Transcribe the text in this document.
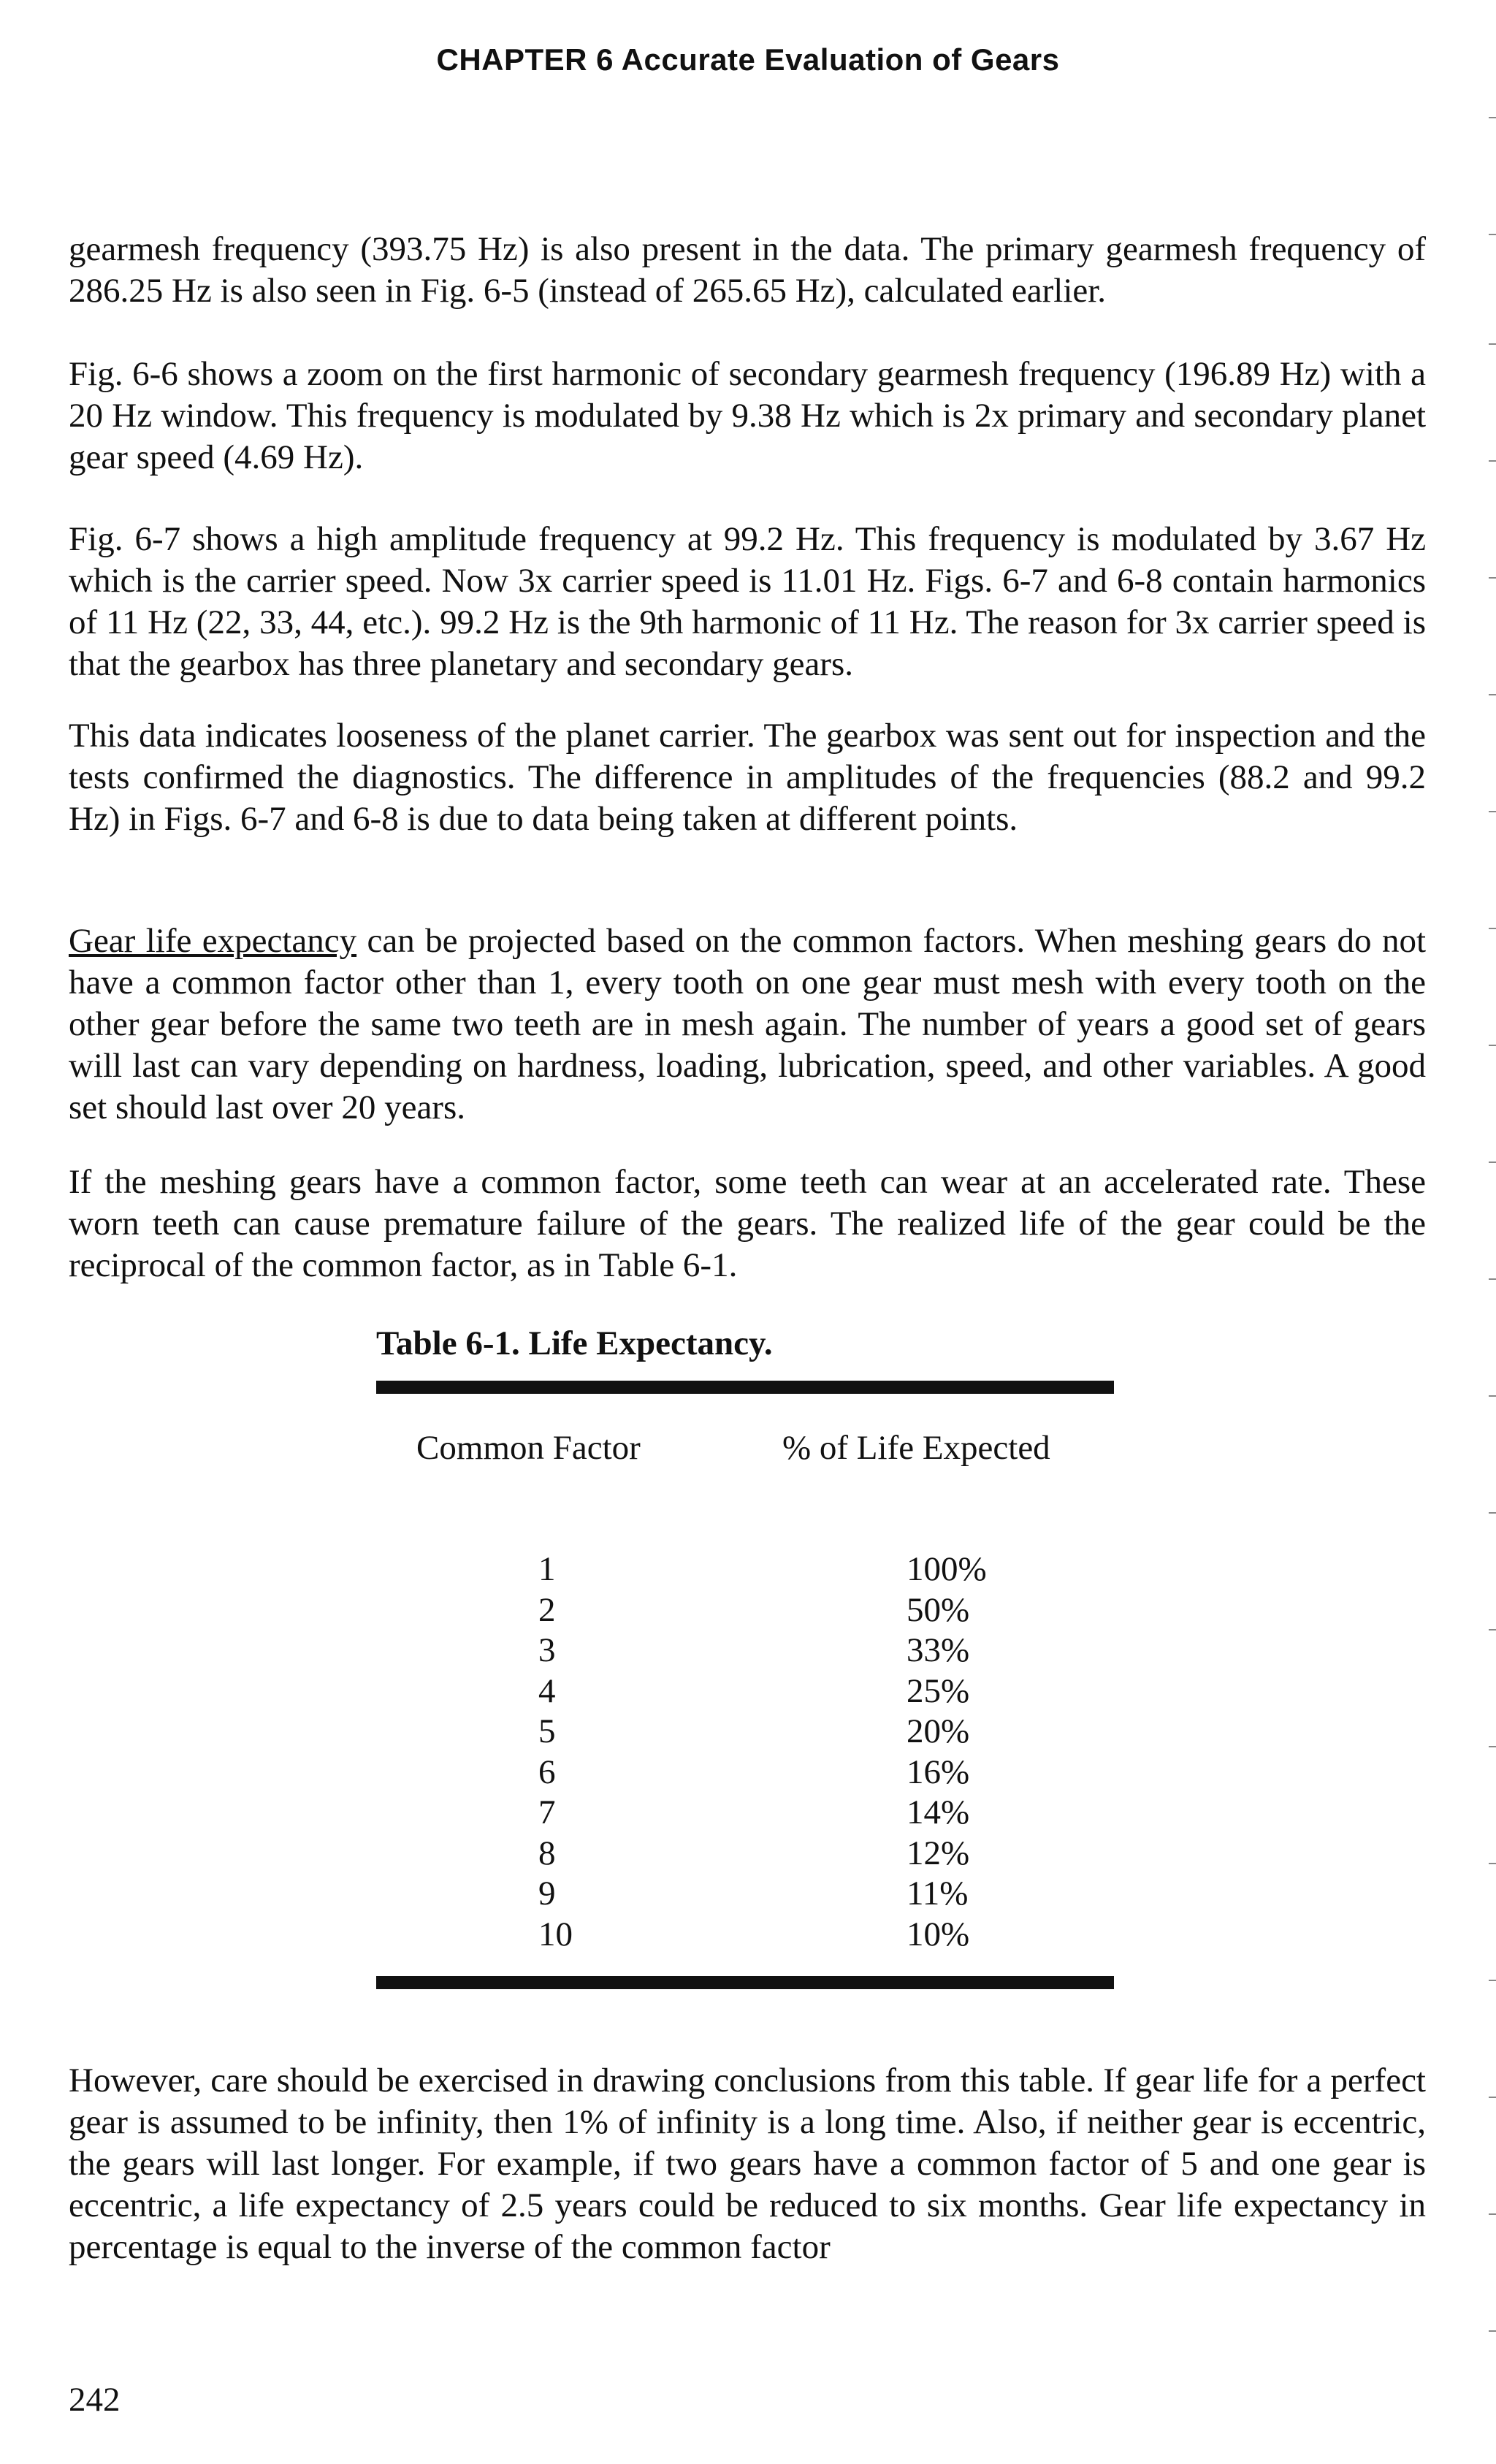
CHAPTER 6 Accurate Evaluation of Gears

gearmesh frequency (393.75 Hz) is also present in the data. The primary gearmesh frequency of 286.25 Hz is also seen in Fig. 6-5 (instead of 265.65 Hz), calculated earlier.

Fig. 6-6 shows a zoom on the first harmonic of secondary gearmesh frequency (196.89 Hz) with a 20 Hz window. This frequency is modulated by 9.38 Hz which is 2x primary and secondary planet gear speed (4.69 Hz).

Fig. 6-7 shows a high amplitude frequency at 99.2 Hz. This frequency is modulated by 3.67 Hz which is the carrier speed. Now 3x carrier speed is 11.01 Hz. Figs. 6-7 and 6-8 contain harmonics of 11 Hz (22, 33, 44, etc.). 99.2 Hz is the 9th harmonic of 11 Hz. The reason for 3x carrier speed is that the gearbox has three planetary and secondary gears.

This data indicates looseness of the planet carrier. The gearbox was sent out for inspection and the tests confirmed the diagnostics. The difference in amplitudes of the frequencies (88.2 and 99.2 Hz) in Figs. 6-7 and 6-8 is due to data being taken at different points.

Gear life expectancy can be projected based on the common factors. When meshing gears do not have a common factor other than 1, every tooth on one gear must mesh with every tooth on the other gear before the same two teeth are in mesh again. The number of years a good set of gears will last can vary depending on hardness, loading, lubrication, speed, and other variables. A good set should last over 20 years.

If the meshing gears have a common factor, some teeth can wear at an accelerated rate. These worn teeth can cause premature failure of the gears. The realized life of the gear could be the reciprocal of the common factor, as in Table 6-1.

Table 6-1. Life Expectancy.
Common Factor	% of Life Expected
1	100%
2	50%
3	33%
4	25%
5	20%
6	16%
7	14%
8	12%
9	11%
10	10%

However, care should be exercised in drawing conclusions from this table. If gear life for a perfect gear is assumed to be infinity, then 1% of infinity is a long time. Also, if neither gear is eccentric, the gears will last longer. For example, if two gears have a common factor of 5 and one gear is eccentric, a life expectancy of 2.5 years could be reduced to six months. Gear life expectancy in percentage is equal to the inverse of the common factor

242
